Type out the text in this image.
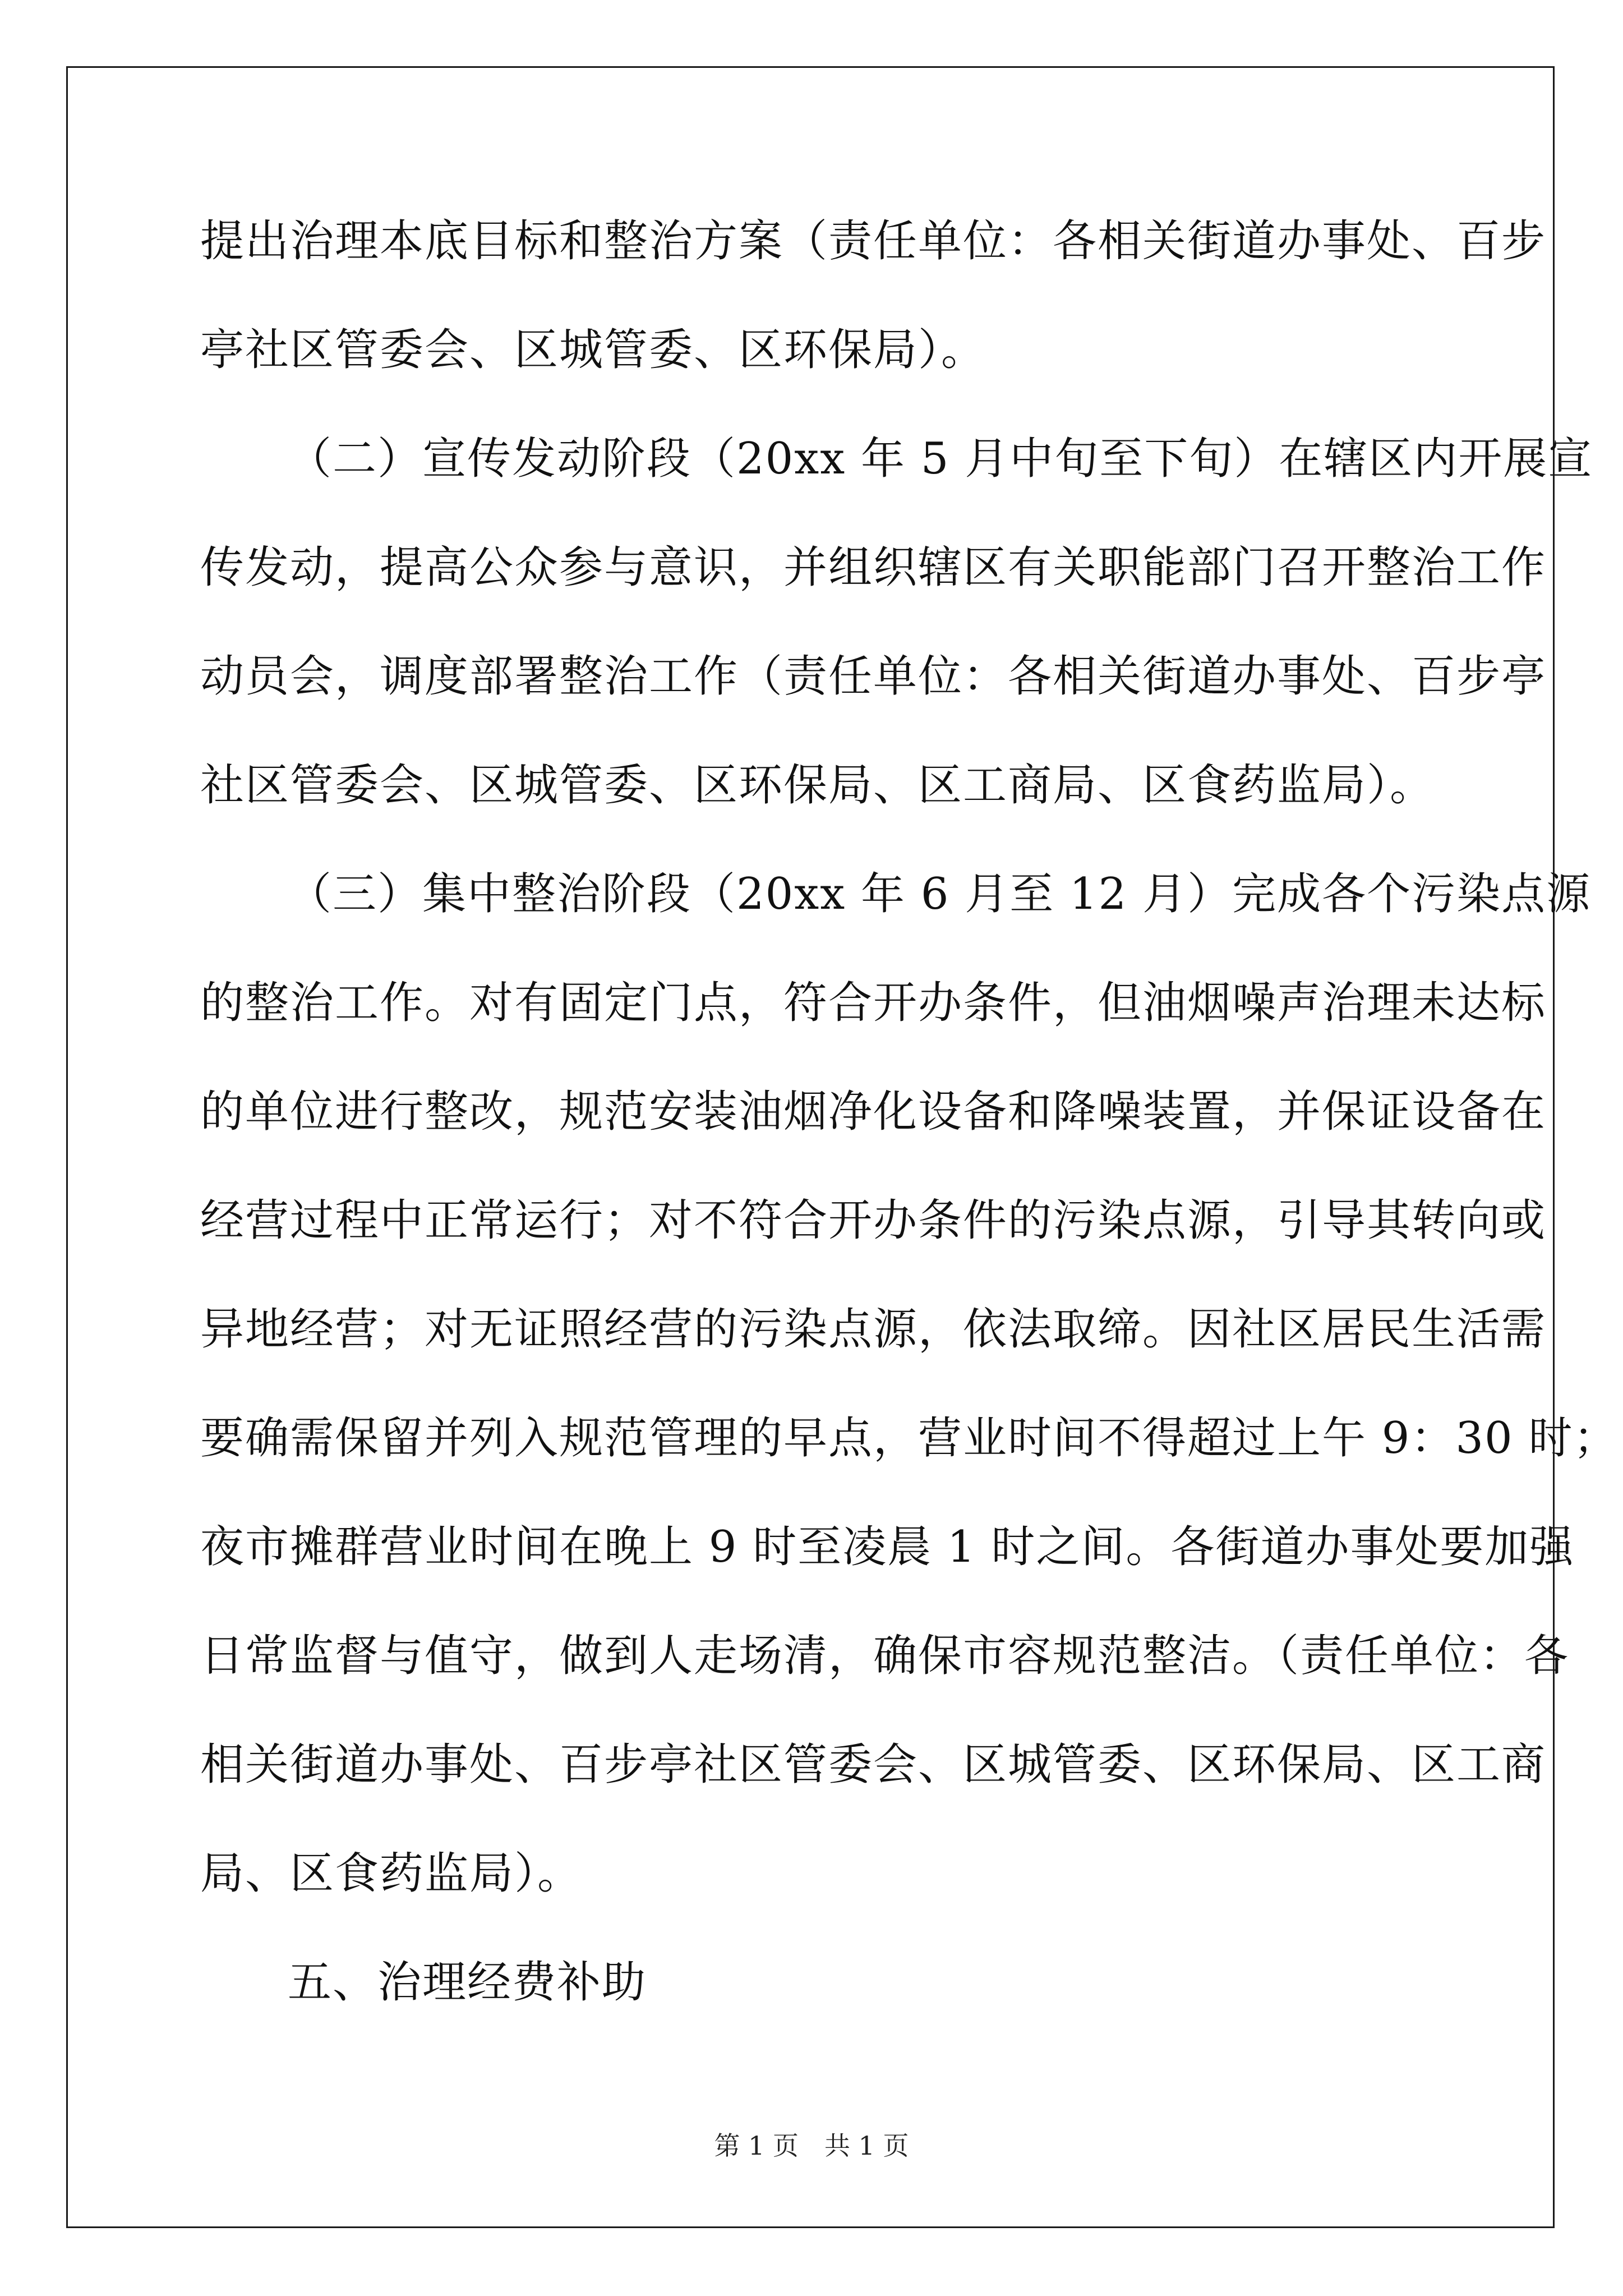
提出治理本底目标和整治方案（责任单位：各相关街道办事处、百步
亭社区管委会、区城管委、区环保局）。
（二）宣传发动阶段（20xx 年 5 月中旬至下旬）在辖区内开展宣
传发动，提高公众参与意识，并组织辖区有关职能部门召开整治工作
动员会，调度部署整治工作（责任单位：各相关街道办事处、百步亭
社区管委会、区城管委、区环保局、区工商局、区食药监局）。
（三）集中整治阶段（20xx 年 6 月至 12 月）完成各个污染点源
的整治工作。对有固定门点，符合开办条件，但油烟噪声治理未达标
的单位进行整改，规范安装油烟净化设备和降噪装置，并保证设备在
经营过程中正常运行；对不符合开办条件的污染点源，引导其转向或
异地经营；对无证照经营的污染点源，依法取缔。因社区居民生活需
要确需保留并列入规范管理的早点，营业时间不得超过上午 9：30 时；
夜市摊群营业时间在晚上 9 时至凌晨 1 时之间。各街道办事处要加强
日常监督与值守，做到人走场清，确保市容规范整洁。（责任单位：各
相关街道办事处、百步亭社区管委会、区城管委、区环保局、区工商
局、区食药监局）。
五、治理经费补助
第 1 页　共 1 页
